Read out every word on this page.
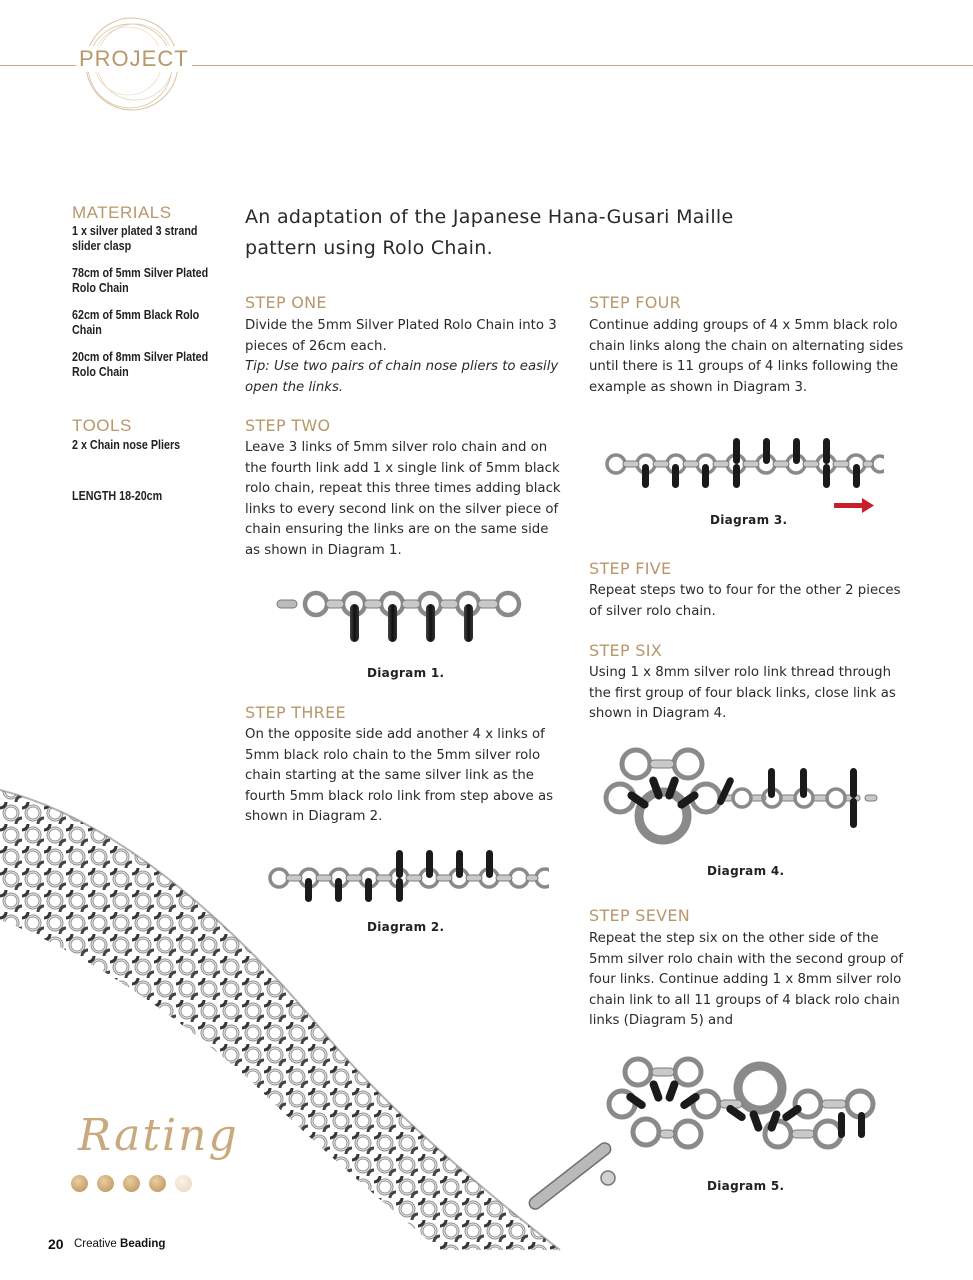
PROJECT
MATERIALS
1 x silver plated 3 strand slider clasp
78cm of 5mm Silver Plated Rolo Chain
62cm of 5mm Black Rolo Chain
20cm of 8mm Silver Plated Rolo Chain
TOOLS
2 x Chain nose Pliers
LENGTH 18-20cm
An adaptation of the Japanese Hana-Gusari Maille pattern using Rolo Chain.
STEP ONE
Divide the 5mm Silver Plated Rolo Chain into 3 pieces of 26cm each.
Tip: Use two pairs of chain nose pliers to easily open the links.
STEP TWO
Leave 3 links of 5mm silver rolo chain and on the fourth link add 1 x single link of 5mm black rolo chain, repeat this three times adding black links to every second link on the silver piece of chain ensuring the links are on the same side as shown in Diagram 1.
Diagram 1.
STEP THREE
On the opposite side add another 4 x links of 5mm black rolo chain to the 5mm silver rolo chain starting at the same silver link as the fourth 5mm black rolo link from step above as shown in Diagram 2.
Diagram 2.
STEP FOUR
Continue adding groups of 4 x 5mm black rolo chain links along the chain on alternating sides until there is 11 groups of 4 links following the example as shown in Diagram 3.
Diagram 3.
STEP FIVE
Repeat steps two to four for the other 2 pieces of silver rolo chain.
STEP SIX
Using 1 x 8mm silver rolo link thread through the first group of four black links, close link as shown in Diagram 4.
Diagram 4.
STEP SEVEN
Repeat the step six on the other side of the 5mm silver rolo chain with the second group of four links. Continue adding 1 x 8mm silver rolo chain link to all 11 groups of 4 black rolo chain links (Diagram 5) and
Diagram 5.
Rating
20 Creative Beading
